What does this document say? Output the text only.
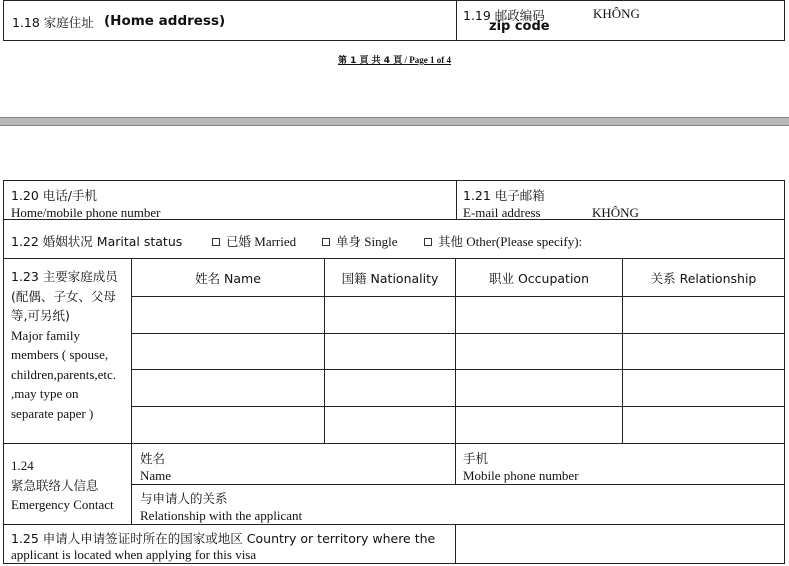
1.18 家庭住址 (Home address)	1.19 邮政编码
zip code
KHÔNG
第 1 頁 共 4 頁 / Page 1 of 4
1.20 电话/手机
Home/mobile phone number
1.21 电子邮箱
E-mail address	KHÔNG
1.22 婚姻状况 Marital status	已婚 Married	单身 Single	其他 Other(Please specify):
1.23 主要家庭成员
(配偶、子女、父母
等,可另纸)
Major family
members ( spouse,
children,parents,etc.
,may type on
separate paper )
姓名 Name	国籍 Nationality	职业 Occupation	关系 Relationship
1.24
紧急联络人信息
Emergency Contact
姓名
Name
手机
Mobile phone number
与申请人的关系
Relationship with the applicant
1.25 申请人申请签证时所在的国家或地区 Country or territory where the
applicant is located when applying for this visa
